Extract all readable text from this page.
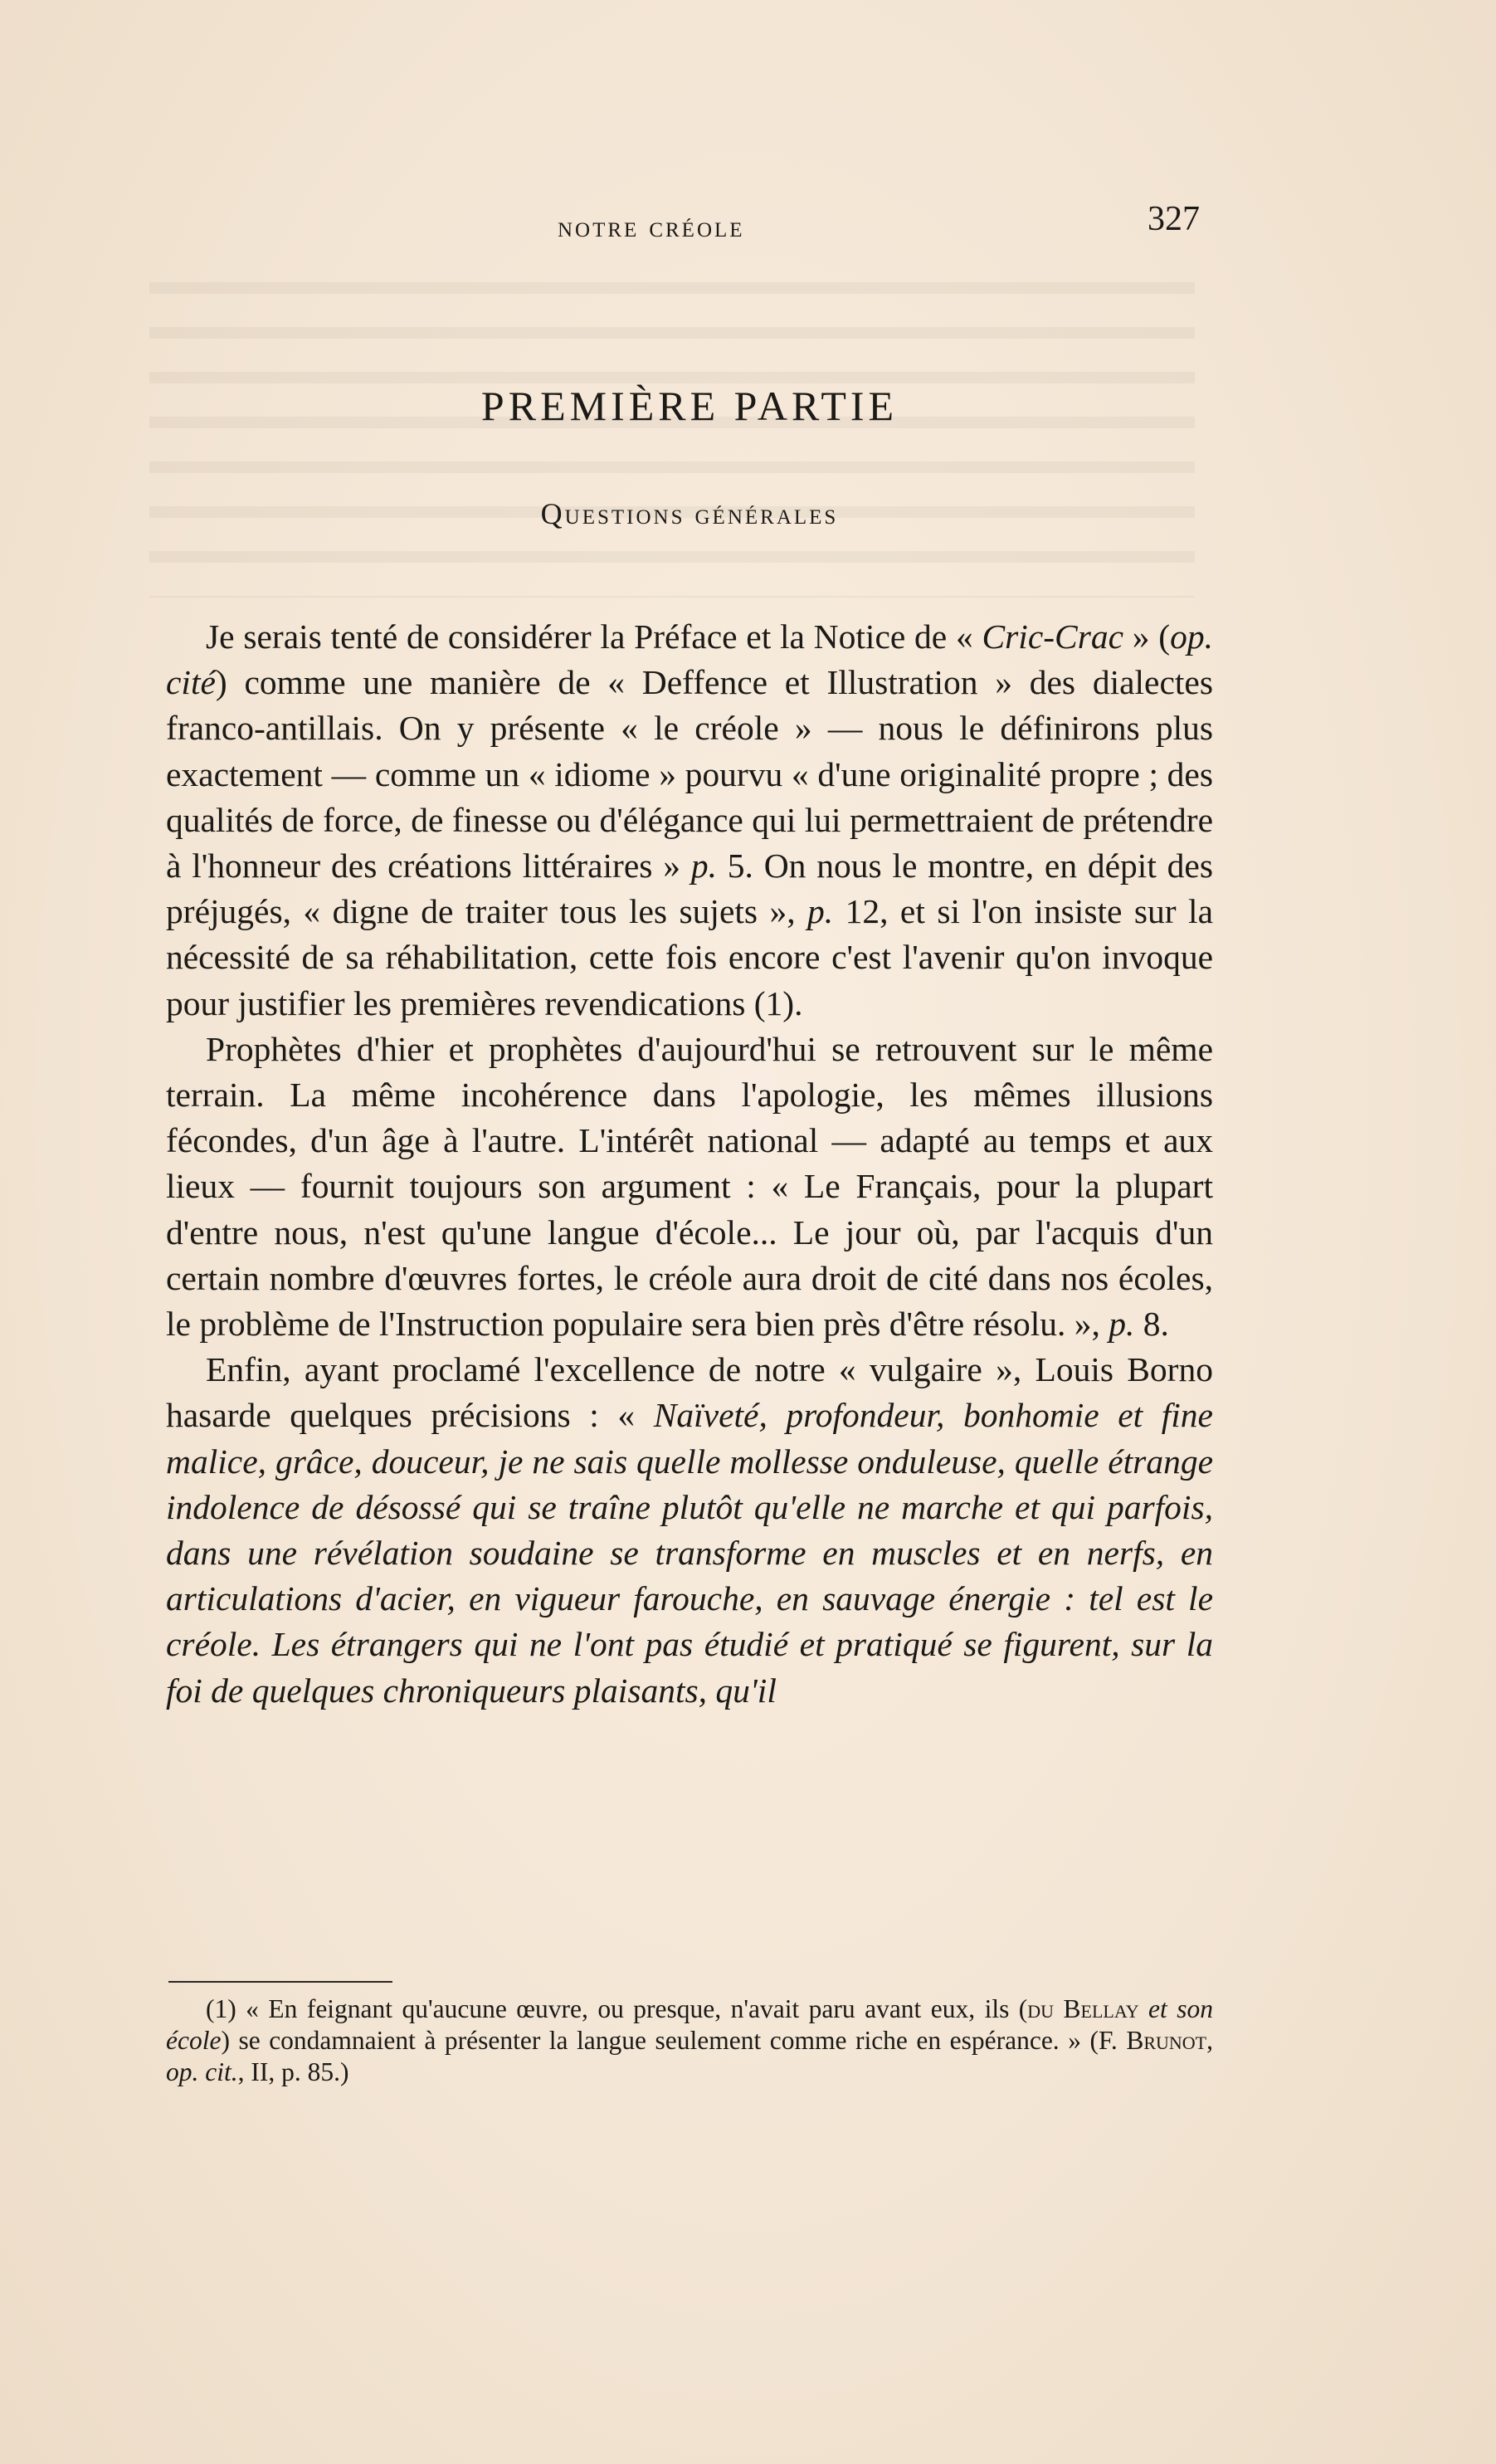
notre créole	327
PREMIÈRE PARTIE
Questions générales

Je serais tenté de considérer la Préface et la Notice de « Cric-Crac » (op. cité) comme une manière de « Deffence et Illustration » des dialectes franco-antillais. On y présente « le créole » — nous le définirons plus exactement — comme un « idiome » pourvu « d'une originalité propre ; des qualités de force, de finesse ou d'élégance qui lui permettraient de prétendre à l'honneur des créations littéraires » p. 5. On nous le montre, en dépit des préjugés, « digne de traiter tous les sujets », p. 12, et si l'on insiste sur la nécessité de sa réhabilitation, cette fois encore c'est l'avenir qu'on invoque pour justifier les premières revendications (1).

Prophètes d'hier et prophètes d'aujourd'hui se retrouvent sur le même terrain. La même incohérence dans l'apologie, les mêmes illusions fécondes, d'un âge à l'autre. L'intérêt national — adapté au temps et aux lieux — fournit toujours son argument : « Le Français, pour la plupart d'entre nous, n'est qu'une langue d'école... Le jour où, par l'acquis d'un certain nombre d'œuvres fortes, le créole aura droit de cité dans nos écoles, le problème de l'Instruction populaire sera bien près d'être résolu. », p. 8.

Enfin, ayant proclamé l'excellence de notre « vulgaire », Louis Borno hasarde quelques précisions : « Naïveté, profondeur, bonhomie et fine malice, grâce, douceur, je ne sais quelle mollesse onduleuse, quelle étrange indolence de désossé qui se traîne plutôt qu'elle ne marche et qui parfois, dans une révélation soudaine se transforme en muscles et en nerfs, en articulations d'acier, en vigueur farouche, en sauvage énergie : tel est le créole. Les étrangers qui ne l'ont pas étudié et pratiqué se figurent, sur la foi de quelques chroniqueurs plaisants, qu'il

(1) « En feignant qu'aucune œuvre, ou presque, n'avait paru avant eux, ils (du Bellay et son école) se condamnaient à présenter la langue seulement comme riche en espérance. » (F. Brunot, op. cit., II, p. 85.)
